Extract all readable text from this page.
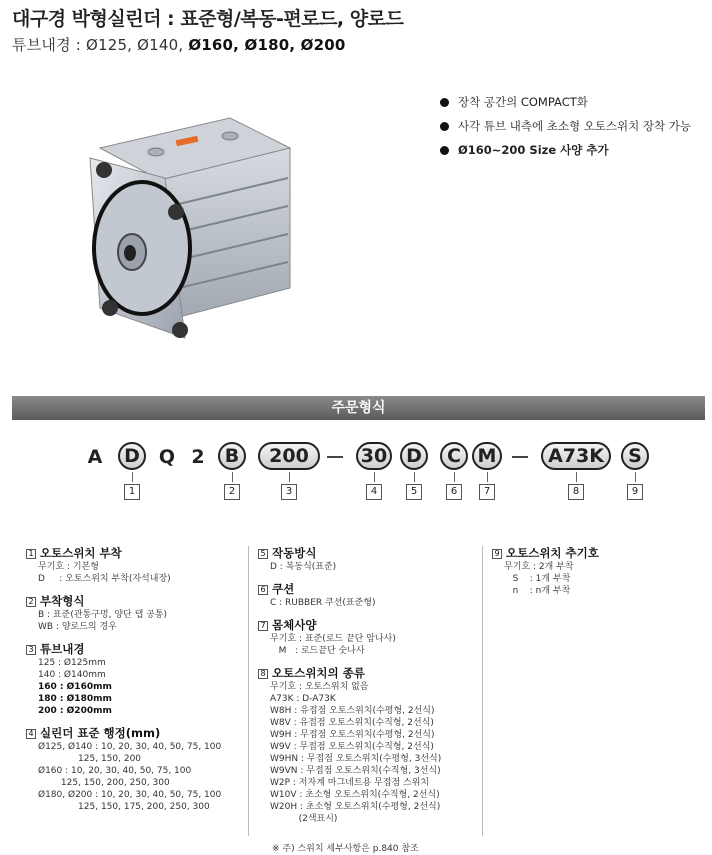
대구경 박형실린더 : 표준형/복동-편로드, 양로드
튜브내경 : Ø125, Ø140, Ø160, Ø180, Ø200
장착 공간의 COMPACT화
사각 튜브 내측에 초소형 오토스위치 장착 가능
Ø160~200 Size 사양 추가
주문형식
A	D	Q 2	B	200	30 D	C M	A73K	S
1	2	3	4	5	6	7	8	9
1 오토스위치 부착
무기호 : 기본형
D     : 오토스위치 부착(자석내장)
2 부착형식
B : 표준(관통구멍, 양단 탭 공통)
WB : 양로드의 경우
3 튜브내경
125 : Ø125mm
140 : Ø140mm
160 : Ø160mm
180 : Ø180mm
200 : Ø200mm
4 실린더 표준 행정(mm)
Ø125, Ø140 : 10, 20, 30, 40, 50, 75, 100
125, 150, 200
Ø160 : 10, 20, 30, 40, 50, 75, 100
125, 150, 200, 250, 300
Ø180, Ø200 : 10, 20, 30, 40, 50, 75, 100
125, 150, 175, 200, 250, 300
5 작동방식
D : 복동식(표준)
6 쿠션
C : RUBBER 쿠션(표준형)
7 몸체사양
무기호 : 표준(로드 끝단 암나사)
M   : 로드끝단 숫나사
8 오토스위치의 종류
무기호 : 오토스위치 없음
A73K : D-A73K
W8H : 유접점 오토스위치(수평형, 2선식)
W8V : 유접점 오토스위치(수직형, 2선식)
W9H : 무접점 오토스위치(수평형, 2선식)
W9V : 무접점 오토스위치(수직형, 2선식)
W9HN : 무접점 오토스위치(수평형, 3선식)
W9VN : 무접점 오토스위치(수직형, 3선식)
W2P : 저자계 마그네트용 무접점 스위치
W10V : 초소형 오토스위치(수직형, 2선식)
W20H : 초소형 오토스위치(수평형, 2선식)
(2색표시)
9 오토스위치 추기호
무기호 : 2개 부착
S    : 1개 부착
n    : n개 부착
※ 주) 스위치 세부사항은 p.840 참조
